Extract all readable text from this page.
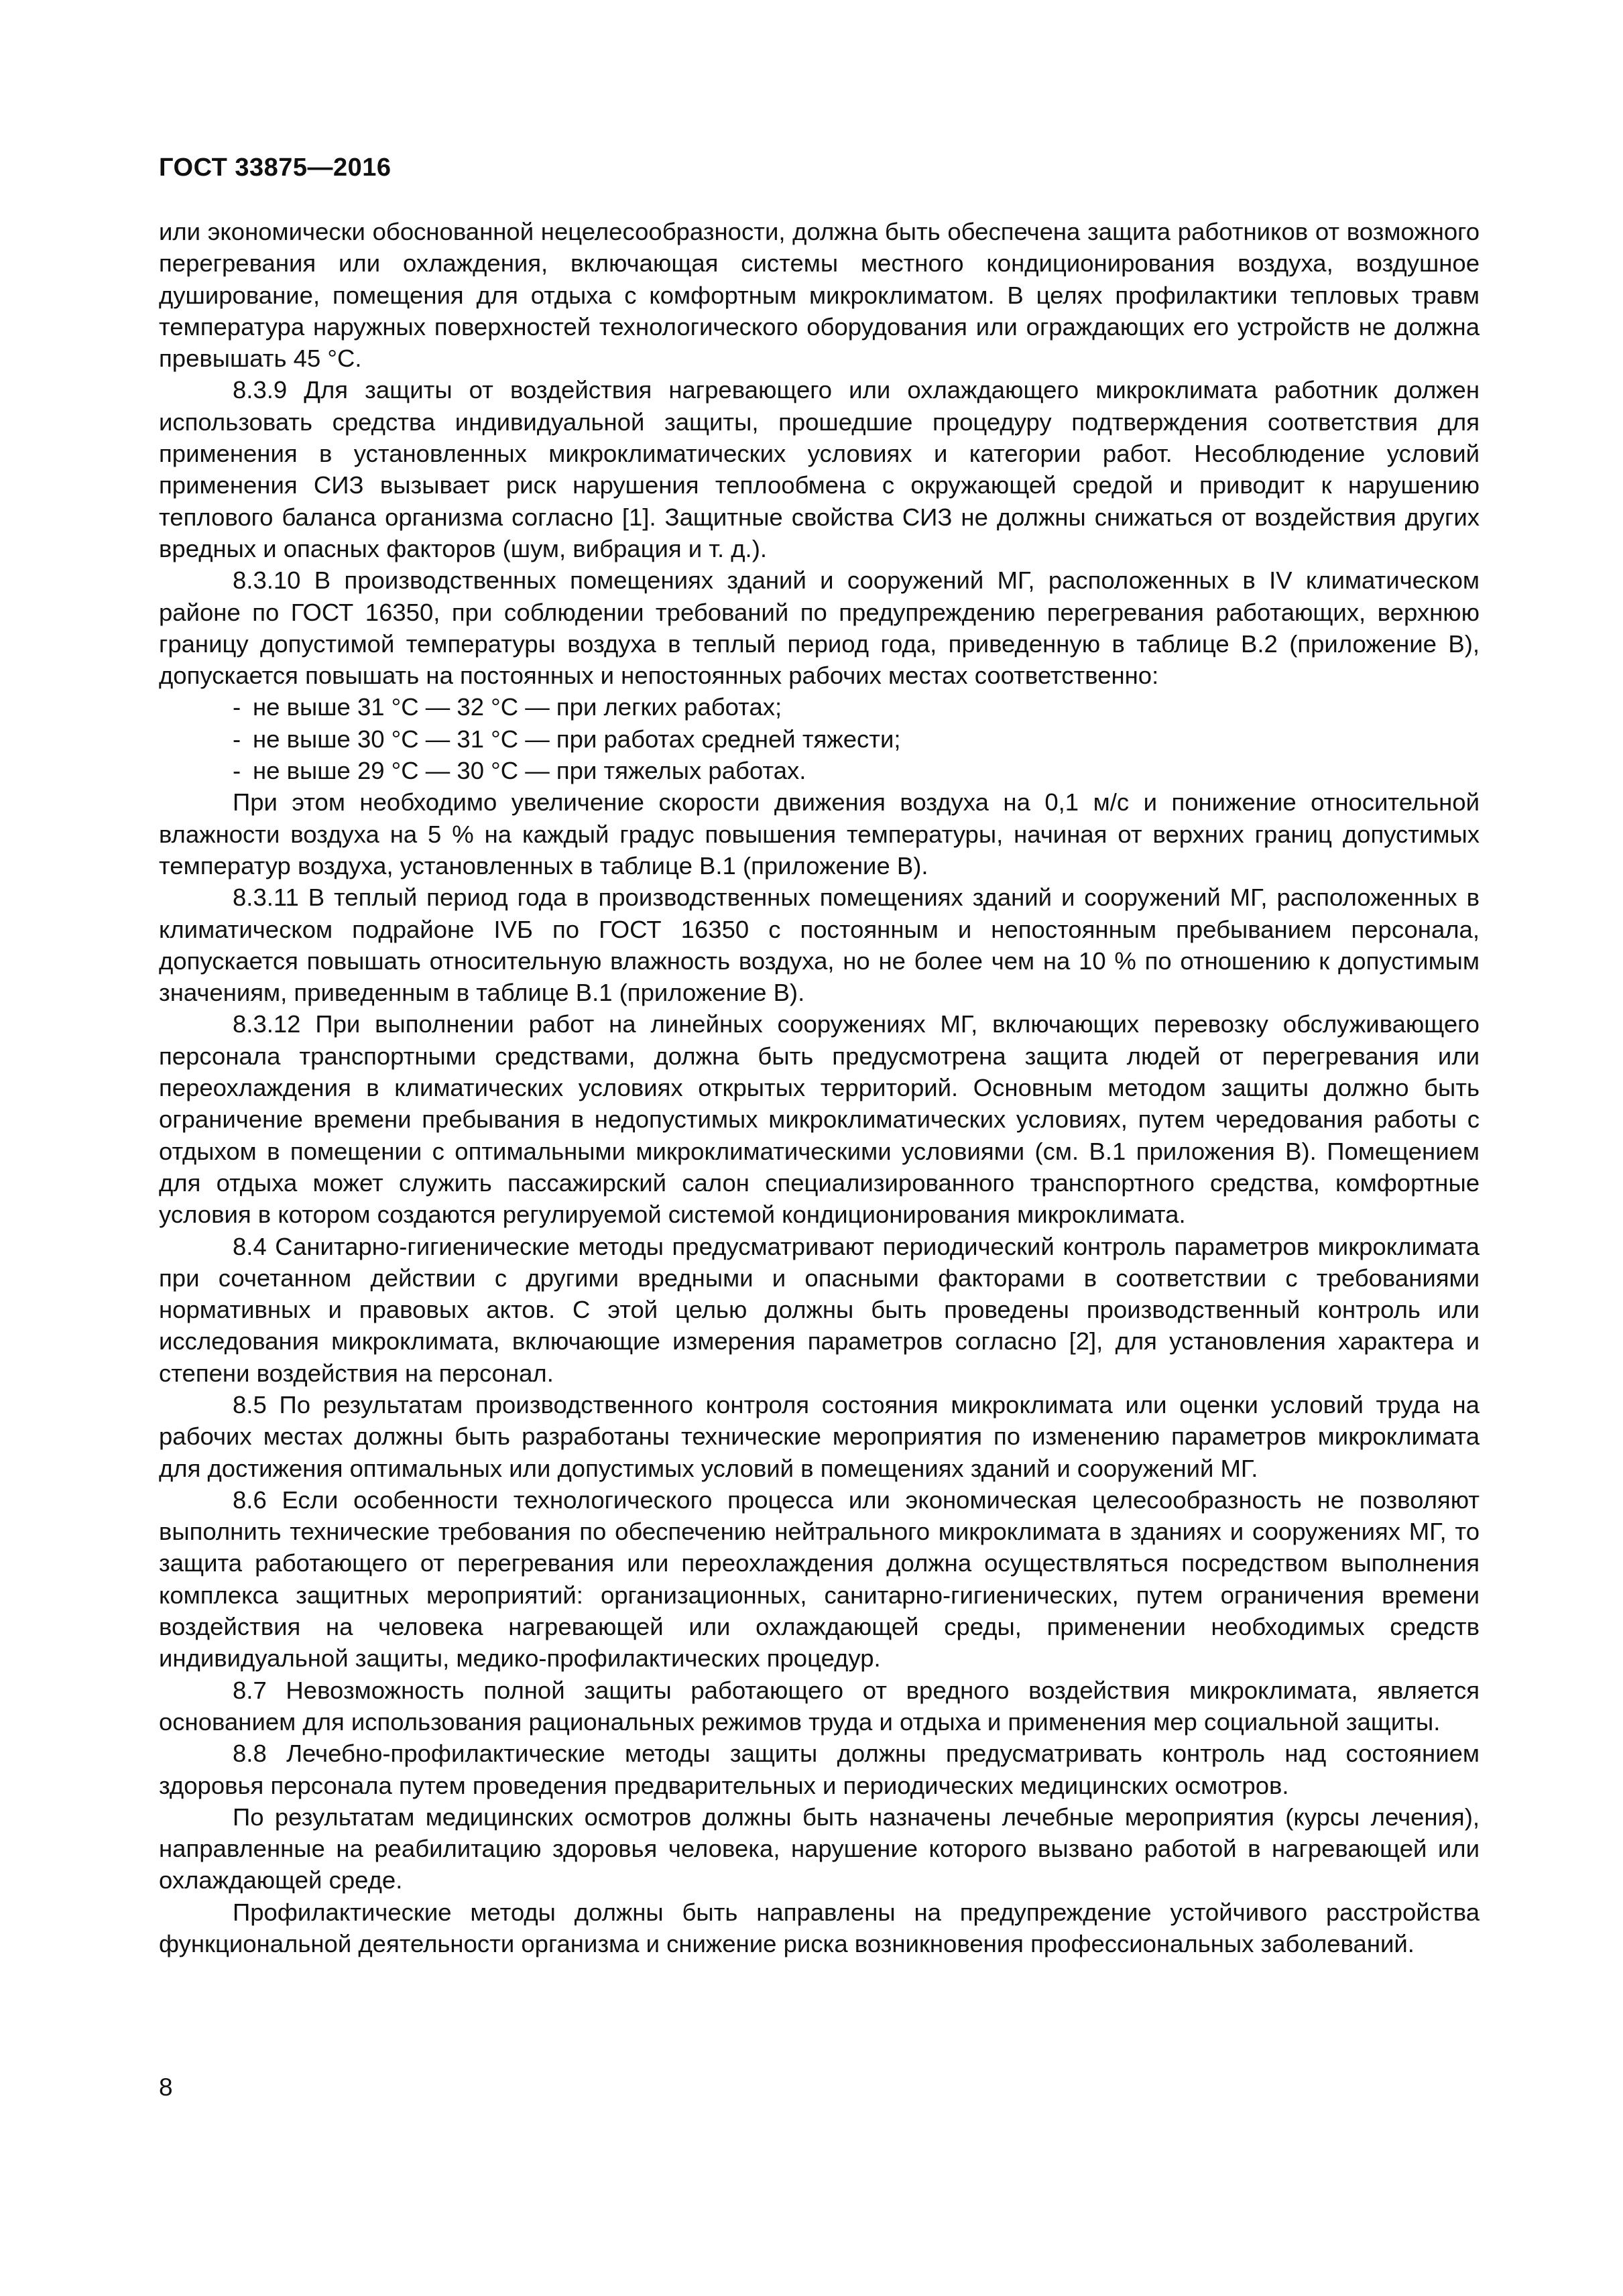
ГОСТ 33875—2016

или экономически обоснованной нецелесообразности, должна быть обеспечена защита работников от возможного перегревания или охлаждения, включающая системы местного кондиционирования воздуха, воздушное душирование, помещения для отдыха с комфортным микроклиматом. В целях профилактики тепловых травм температура наружных поверхностей технологического оборудования или ограждающих его устройств не должна превышать 45 °С.

8.3.9 Для защиты от воздействия нагревающего или охлаждающего микроклимата работник должен использовать средства индивидуальной защиты, прошедшие процедуру подтверждения соответствия для применения в установленных микроклиматических условиях и категории работ. Несоблюдение условий применения СИЗ вызывает риск нарушения теплообмена с окружающей средой и приводит к нарушению теплового баланса организма согласно [1]. Защитные свойства СИЗ не должны снижаться от воздействия других вредных и опасных факторов (шум, вибрация и т. д.).

8.3.10 В производственных помещениях зданий и сооружений МГ, расположенных в IV климатическом районе по ГОСТ 16350, при соблюдении требований по предупреждению перегревания работающих, верхнюю границу допустимой температуры воздуха в теплый период года, приведенную в таблице В.2 (приложение В), допускается повышать на постоянных и непостоянных рабочих местах соответственно:

- не выше 31 °С — 32 °С — при легких работах;
- не выше 30 °С — 31 °С — при работах средней тяжести;
- не выше 29 °С — 30 °С — при тяжелых работах.

При этом необходимо увеличение скорости движения воздуха на 0,1 м/с и понижение относительной влажности воздуха на 5 % на каждый градус повышения температуры, начиная от верхних границ допустимых температур воздуха, установленных в таблице В.1 (приложение В).

8.3.11 В теплый период года в производственных помещениях зданий и сооружений МГ, расположенных в климатическом подрайоне IVБ по ГОСТ 16350 с постоянным и непостоянным пребыванием персонала, допускается повышать относительную влажность воздуха, но не более чем на 10 % по отношению к допустимым значениям, приведенным в таблице В.1 (приложение В).

8.3.12 При выполнении работ на линейных сооружениях МГ, включающих перевозку обслуживающего персонала транспортными средствами, должна быть предусмотрена защита людей от перегревания или переохлаждения в климатических условиях открытых территорий. Основным методом защиты должно быть ограничение времени пребывания в недопустимых микроклиматических условиях, путем чередования работы с отдыхом в помещении с оптимальными микроклиматическими условиями (см. В.1 приложения В). Помещением для отдыха может служить пассажирский салон специализированного транспортного средства, комфортные условия в котором создаются регулируемой системой кондиционирования микроклимата.

8.4 Санитарно-гигиенические методы предусматривают периодический контроль параметров микроклимата при сочетанном действии с другими вредными и опасными факторами в соответствии с требованиями нормативных и правовых актов. С этой целью должны быть проведены производственный контроль или исследования микроклимата, включающие измерения параметров согласно [2], для установления характера и степени воздействия на персонал.

8.5 По результатам производственного контроля состояния микроклимата или оценки условий труда на рабочих местах должны быть разработаны технические мероприятия по изменению параметров микроклимата для достижения оптимальных или допустимых условий в помещениях зданий и сооружений МГ.

8.6 Если особенности технологического процесса или экономическая целесообразность не позволяют выполнить технические требования по обеспечению нейтрального микроклимата в зданиях и сооружениях МГ, то защита работающего от перегревания или переохлаждения должна осуществляться посредством выполнения комплекса защитных мероприятий: организационных, санитарно-гигиенических, путем ограничения времени воздействия на человека нагревающей или охлаждающей среды, применении необходимых средств индивидуальной защиты, медико-профилактических процедур.

8.7 Невозможность полной защиты работающего от вредного воздействия микроклимата, является основанием для использования рациональных режимов труда и отдыха и применения мер социальной защиты.

8.8 Лечебно-профилактические методы защиты должны предусматривать контроль над состоянием здоровья персонала путем проведения предварительных и периодических медицинских осмотров.

По результатам медицинских осмотров должны быть назначены лечебные мероприятия (курсы лечения), направленные на реабилитацию здоровья человека, нарушение которого вызвано работой в нагревающей или охлаждающей среде.

Профилактические методы должны быть направлены на предупреждение устойчивого расстройства функциональной деятельности организма и снижение риска возникновения профессиональных заболеваний.

8
